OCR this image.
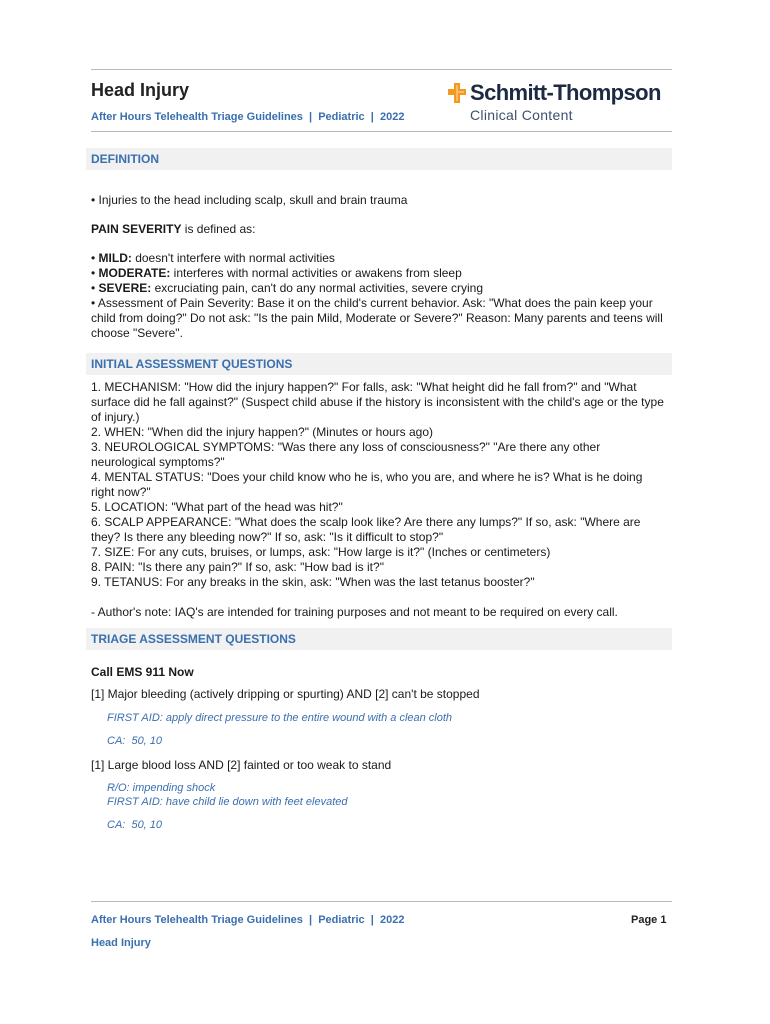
Head Injury
After Hours Telehealth Triage Guidelines  |  Pediatric  |  2022
Schmitt-Thompson
Clinical Content
DEFINITION

• Injuries to the head including scalp, skull and brain trauma

PAIN SEVERITY is defined as:

• MILD: doesn't interfere with normal activities

• MODERATE: interferes with normal activities or awakens from sleep

• SEVERE: excruciating pain, can't do any normal activities, severe crying

• Assessment of Pain Severity: Base it on the child's current behavior. Ask: "What does the pain keep your child from doing?" Do not ask: "Is the pain Mild, Moderate or Severe?" Reason: Many parents and teens will choose "Severe".

INITIAL ASSESSMENT QUESTIONS

1. MECHANISM: "How did the injury happen?" For falls, ask: "What height did he fall from?" and "What surface did he fall against?" (Suspect child abuse if the history is inconsistent with the child's age or the type of injury.)

2. WHEN: "When did the injury happen?" (Minutes or hours ago)

3. NEUROLOGICAL SYMPTOMS: "Was there any loss of consciousness?" "Are there any other neurological symptoms?"

4. MENTAL STATUS: "Does your child know who he is, who you are, and where he is? What is he doing right now?"

5. LOCATION: "What part of the head was hit?"

6. SCALP APPEARANCE: "What does the scalp look like? Are there any lumps?" If so, ask: "Where are they? Is there any bleeding now?" If so, ask: "Is it difficult to stop?"

7. SIZE: For any cuts, bruises, or lumps, ask: "How large is it?" (Inches or centimeters)

8. PAIN: "Is there any pain?" If so, ask: "How bad is it?"

9. TETANUS: For any breaks in the skin, ask: "When was the last tetanus booster?"

- Author's note: IAQ's are intended for training purposes and not meant to be required on every call.

TRIAGE ASSESSMENT QUESTIONS
Call EMS 911 Now
[1] Major bleeding (actively dripping or spurting) AND [2] can't be stopped
FIRST AID: apply direct pressure to the entire wound with a clean cloth
CA:  50, 10
[1] Large blood loss AND [2] fainted or too weak to stand
R/O: impending shock
FIRST AID: have child lie down with feet elevated
CA:  50, 10
After Hours Telehealth Triage Guidelines  |  Pediatric  |  2022
Head Injury
Page 1
